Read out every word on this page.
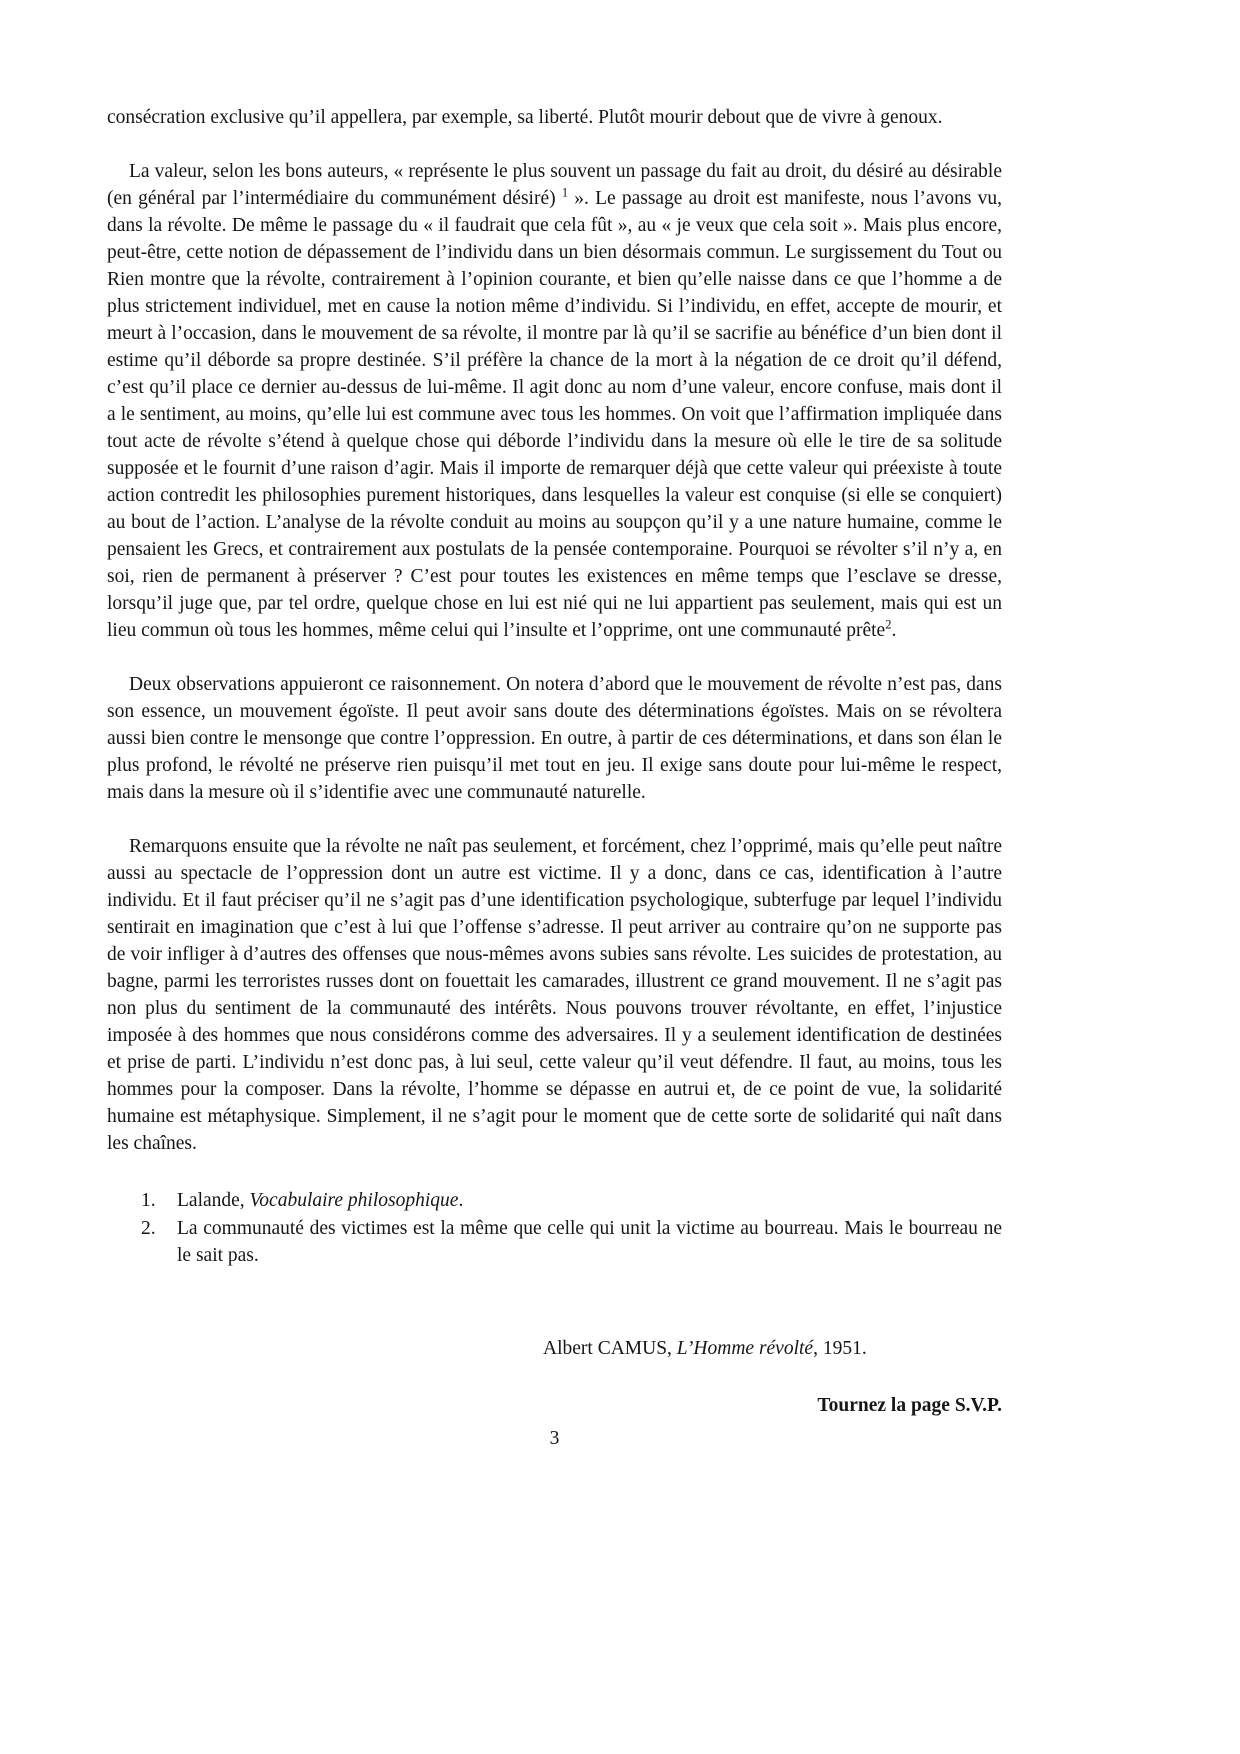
consécration exclusive qu’il appellera, par exemple, sa liberté. Plutôt mourir debout que de vivre à genoux.

La valeur, selon les bons auteurs, « représente le plus souvent un passage du fait au droit, du désiré au désirable (en général par l’intermédiaire du communément désiré) $^1$ ». Le passage au droit est manifeste, nous l’avons vu, dans la révolte. De même le passage du « il faudrait que cela fût », au « je veux que cela soit ». Mais plus encore, peut-être, cette notion de dépassement de l’individu dans un bien désormais commun. Le surgissement du Tout ou Rien montre que la révolte, contrairement à l’opinion courante, et bien qu’elle naisse dans ce que l’homme a de plus strictement individuel, met en cause la notion même d’individu. Si l’individu, en effet, accepte de mourir, et meurt à l’occasion, dans le mouvement de sa révolte, il montre par là qu’il se sacrifie au bénéfice d’un bien dont il estime qu’il déborde sa propre destinée. S’il préfère la chance de la mort à la négation de ce droit qu’il défend, c’est qu’il place ce dernier au-dessus de lui-même. Il agit donc au nom d’une valeur, encore confuse, mais dont il a le sentiment, au moins, qu’elle lui est commune avec tous les hommes. On voit que l’affirmation impliquée dans tout acte de révolte s’étend à quelque chose qui déborde l’individu dans la mesure où elle le tire de sa solitude supposée et le fournit d’une raison d’agir. Mais il importe de remarquer déjà que cette valeur qui préexiste à toute action contredit les philosophies purement historiques, dans lesquelles la valeur est conquise (si elle se conquiert) au bout de l’action. L’analyse de la révolte conduit au moins au soupçon qu’il y a une nature humaine, comme le pensaient les Grecs, et contrairement aux postulats de la pensée contemporaine. Pourquoi se révolter s’il n’y a, en soi, rien de permanent à préserver ? C’est pour toutes les existences en même temps que l’esclave se dresse, lorsqu’il juge que, par tel ordre, quelque chose en lui est nié qui ne lui appartient pas seulement, mais qui est un lieu commun où tous les hommes, même celui qui l’insulte et l’opprime, ont une communauté prête$^2$.

Deux observations appuieront ce raisonnement. On notera d’abord que le mouvement de révolte n’est pas, dans son essence, un mouvement égoïste. Il peut avoir sans doute des déterminations égoïstes. Mais on se révoltera aussi bien contre le mensonge que contre l’oppression. En outre, à partir de ces déterminations, et dans son élan le plus profond, le révolté ne préserve rien puisqu’il met tout en jeu. Il exige sans doute pour lui-même le respect, mais dans la mesure où il s’identifie avec une communauté naturelle.

Remarquons ensuite que la révolte ne naît pas seulement, et forcément, chez l’opprimé, mais qu’elle peut naître aussi au spectacle de l’oppression dont un autre est victime. Il y a donc, dans ce cas, identification à l’autre individu. Et il faut préciser qu’il ne s’agit pas d’une identification psychologique, subterfuge par lequel l’individu sentirait en imagination que c’est à lui que l’offense s’adresse. Il peut arriver au contraire qu’on ne supporte pas de voir infliger à d’autres des offenses que nous-mêmes avons subies sans révolte. Les suicides de protestation, au bagne, parmi les terroristes russes dont on fouettait les camarades, illustrent ce grand mouvement. Il ne s’agit pas non plus du sentiment de la communauté des intérêts. Nous pouvons trouver révoltante, en effet, l’injustice imposée à des hommes que nous considérons comme des adversaires. Il y a seulement identification de destinées et prise de parti. L’individu n’est donc pas, à lui seul, cette valeur qu’il veut défendre. Il faut, au moins, tous les hommes pour la composer. Dans la révolte, l’homme se dépasse en autrui et, de ce point de vue, la solidarité humaine est métaphysique. Simplement, il ne s’agit pour le moment que de cette sorte de solidarité qui naît dans les chaînes.

1.	Lalande, Vocabulaire philosophique.
2.	La communauté des victimes est la même que celle qui unit la victime au bourreau. Mais le bourreau ne le sait pas.
Albert CAMUS, L’Homme révolté, 1951.
Tournez la page S.V.P.
3
